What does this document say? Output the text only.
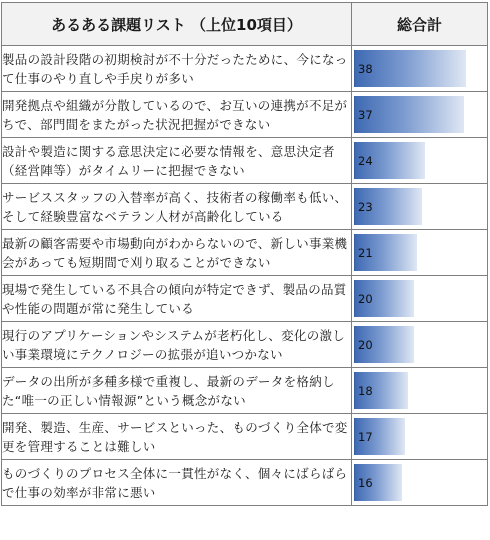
あるある課題リスト （上位10項目）	総合計
製品の設計段階の初期検討が不十分だったために、今になって仕事のやり直しや手戻りが多い	38

開発拠点や組織が分散しているので、お互いの連携が不足がちで、部門間をまたがった状況把握ができない	37

設計や製造に関する意思決定に必要な情報を、意思決定者（経営陣等）がタイムリーに把握できない	24

サービススタッフの入替率が高く、技術者の稼働率も低い、そして経験豊富なベテラン人材が高齢化している	23

最新の顧客需要や市場動向がわからないので、新しい事業機会があっても短期間で刈り取ることができない	21

現場で発生している不具合の傾向が特定できず、製品の品質や性能の問題が常に発生している	20

現行のアプリケーションやシステムが老朽化し、変化の激しい事業環境にテクノロジーの拡張が追いつかない	20

データの出所が多種多様で重複し、最新のデータを格納した“唯一の正しい情報源”という概念がない	18

開発、製造、生産、サービスといった、ものづくり全体で変更を管理することは難しい	17

ものづくりのプロセス全体に一貫性がなく、個々にばらばらで仕事の効率が非常に悪い	16
